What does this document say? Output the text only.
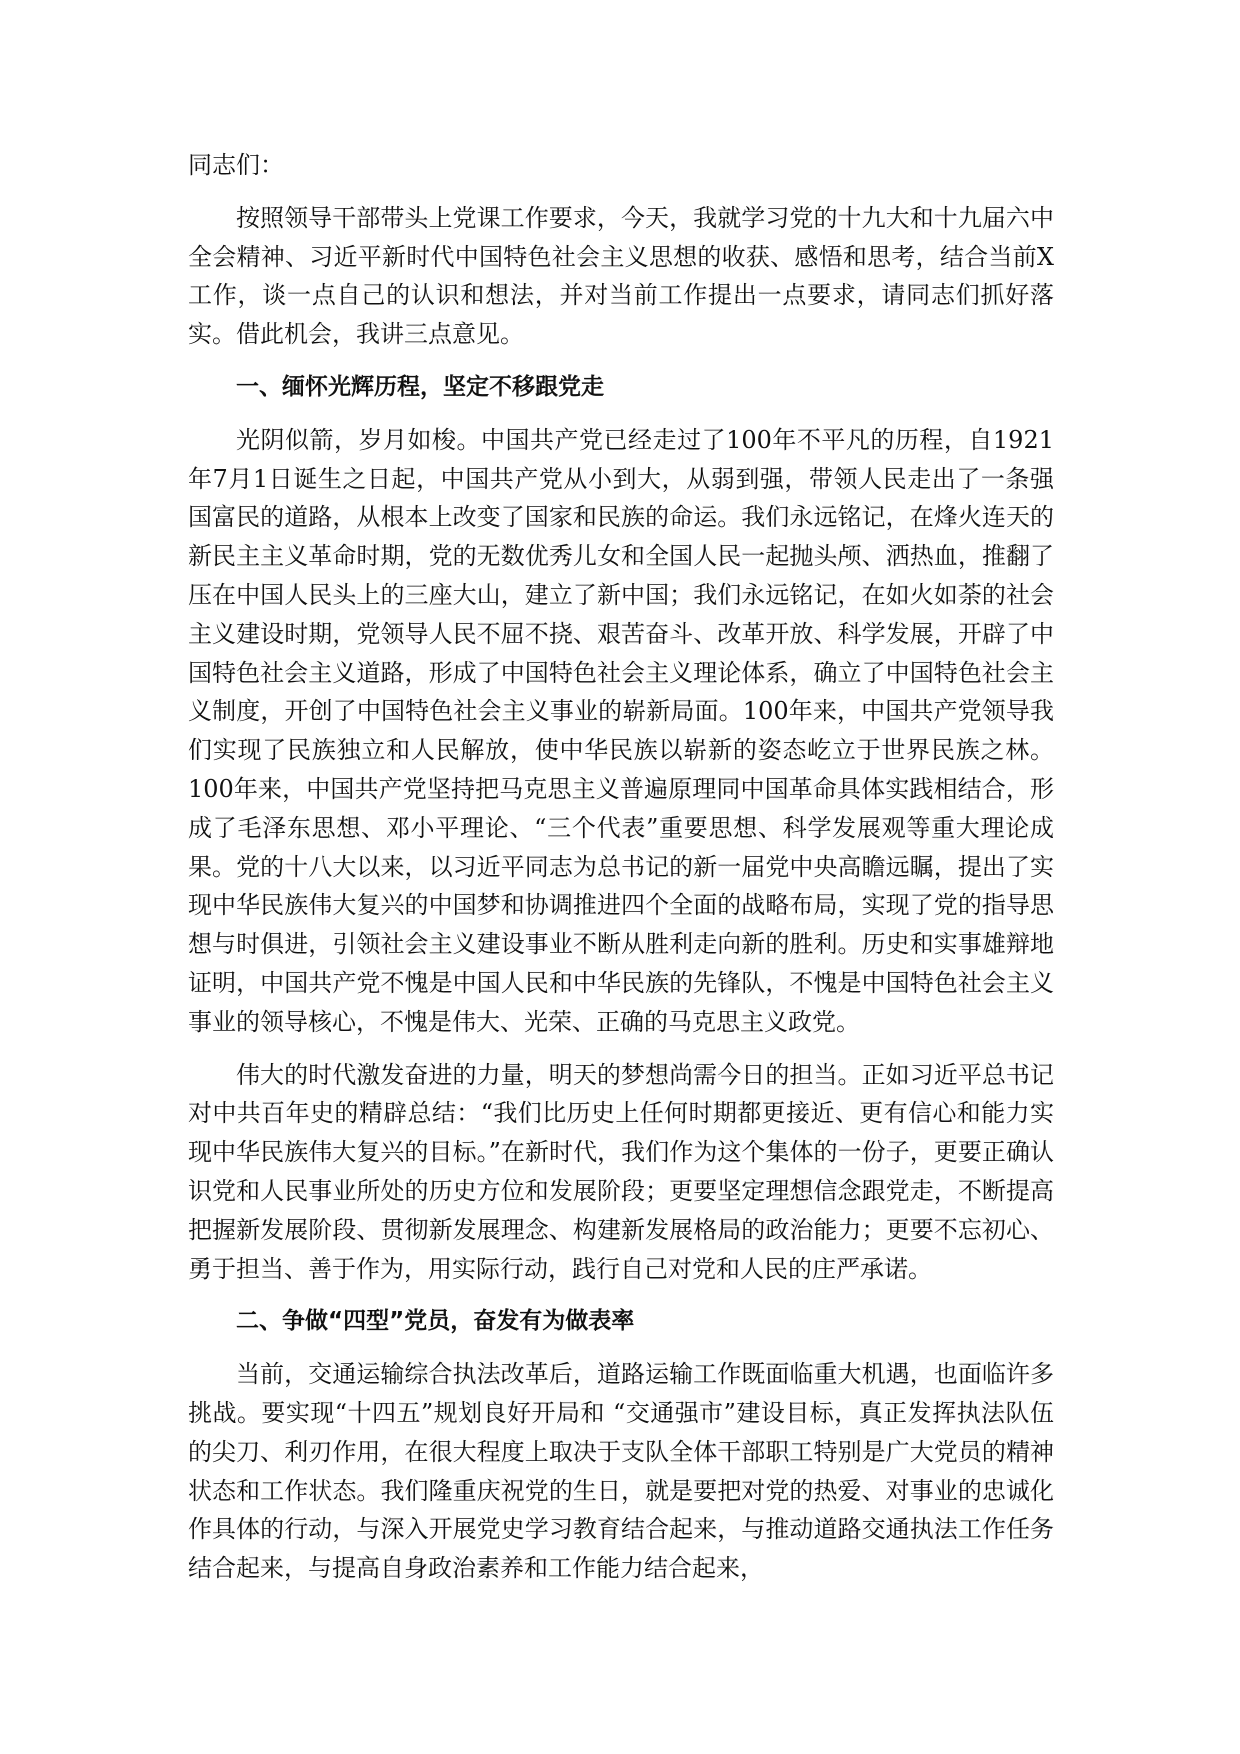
同志们：

按照领导干部带头上党课工作要求，今天，我就学习党的十九大和十九届六中全会精神、习近平新时代中国特色社会主义思想的收获、感悟和思考，结合当前X工作，谈一点自己的认识和想法，并对当前工作提出一点要求，请同志们抓好落实。借此机会，我讲三点意见。

一、缅怀光辉历程，坚定不移跟党走

光阴似箭，岁月如梭。中国共产党已经走过了100年不平凡的历程，自1921年7月1日诞生之日起，中国共产党从小到大，从弱到强，带领人民走出了一条强国富民的道路，从根本上改变了国家和民族的命运。我们永远铭记，在烽火连天的新民主主义革命时期，党的无数优秀儿女和全国人民一起抛头颅、洒热血，推翻了压在中国人民头上的三座大山，建立了新中国；我们永远铭记，在如火如荼的社会主义建设时期，党领导人民不屈不挠、艰苦奋斗、改革开放、科学发展，开辟了中国特色社会主义道路，形成了中国特色社会主义理论体系，确立了中国特色社会主义制度，开创了中国特色社会主义事业的崭新局面。100年来，中国共产党领导我们实现了民族独立和人民解放，使中华民族以崭新的姿态屹立于世界民族之林。100年来，中国共产党坚持把马克思主义普遍原理同中国革命具体实践相结合，形成了毛泽东思想、邓小平理论、“三个代表”重要思想、科学发展观等重大理论成果。党的十八大以来，以习近平同志为总书记的新一届党中央高瞻远瞩，提出了实现中华民族伟大复兴的中国梦和协调推进四个全面的战略布局，实现了党的指导思想与时俱进，引领社会主义建设事业不断从胜利走向新的胜利。历史和实事雄辩地证明，中国共产党不愧是中国人民和中华民族的先锋队，不愧是中国特色社会主义事业的领导核心，不愧是伟大、光荣、正确的马克思主义政党。

伟大的时代激发奋进的力量，明天的梦想尚需今日的担当。正如习近平总书记对中共百年史的精辟总结：“我们比历史上任何时期都更接近、更有信心和能力实现中华民族伟大复兴的目标。”在新时代，我们作为这个集体的一份子，更要正确认识党和人民事业所处的历史方位和发展阶段；更要坚定理想信念跟党走，不断提高把握新发展阶段、贯彻新发展理念、构建新发展格局的政治能力；更要不忘初心、勇于担当、善于作为，用实际行动，践行自己对党和人民的庄严承诺。

二、争做“四型”党员，奋发有为做表率

当前，交通运输综合执法改革后，道路运输工作既面临重大机遇，也面临许多挑战。要实现“十四五”规划良好开局和 “交通强市”建设目标，真正发挥执法队伍的尖刀、利刃作用，在很大程度上取决于支队全体干部职工特别是广大党员的精神状态和工作状态。我们隆重庆祝党的生日，就是要把对党的热爱、对事业的忠诚化作具体的行动，与深入开展党史学习教育结合起来，与推动道路交通执法工作任务结合起来，与提高自身政治素养和工作能力结合起来，
